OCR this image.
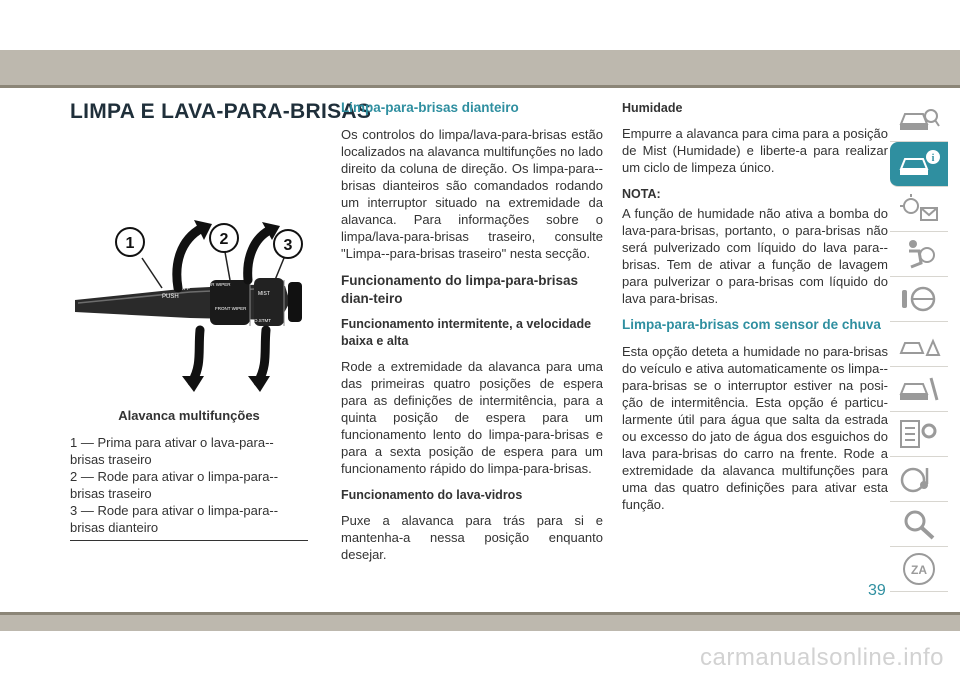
LIMPA E LAVA-PARA-BRISAS
PUSH
OFF
FRONT WIPER
MIST
REAR WIPER
O.STMT
1	2	3
Alavanca multifunções

1 — Prima para ativar o lava-para--brisas traseiro

2 — Rode para ativar o limpa-para--brisas traseiro

3 — Rode para ativar o limpa-para--brisas dianteiro

Limpa-para-brisas dianteiro

Os controlos do limpa/lava-para-brisas estão localizados na alavanca multifunções no lado direito da coluna de direção. Os limpa-para--brisas dianteiros são comandados rodando um interruptor situado na extremidade da alavanca. Para informações sobre o limpa/lava-para-brisas traseiro, consulte "Limpa--para-brisas traseiro" nesta secção.

Funcionamento do limpa-para-brisas dian-teiro
Funcionamento intermitente, a velocidade baixa e alta

Rode a extremidade da alavanca para uma das primeiras quatro posições de espera para as definições de intermitência, para a quinta posição de espera para um funcionamento lento do limpa-para-brisas e para a sexta posição de espera para um funcionamento rápido do limpa-para-brisas.

Funcionamento do lava-vidros

Puxe a alavanca para trás para si e mantenha-a nessa posição enquanto desejar.

Humidade

Empurre a alavanca para cima para a posição de Mist (Humidade) e liberte-a para realizar um ciclo de limpeza único.

NOTA:

A função de humidade não ativa a bomba do lava-para-brisas, portanto, o para-brisas não será pulverizado com líquido do lava para--brisas. Tem de ativar a função de lavagem para pulverizar o para-brisas com líquido do lava para-brisas.

Limpa-para-brisas com sensor de chuva

Esta opção deteta a humidade no para-brisas do veículo e ativa automaticamente os limpa--para-brisas se o interruptor estiver na posi-ção de intermitência. Esta opção é particu-larmente útil para água que salta da estrada ou excesso do jato de água dos esguichos do lava para-brisas do carro na frente. Rode a extremidade da alavanca multifunções para uma das quatro definições para ativar esta função.

i
ZA
39
carmanualsonline.info
